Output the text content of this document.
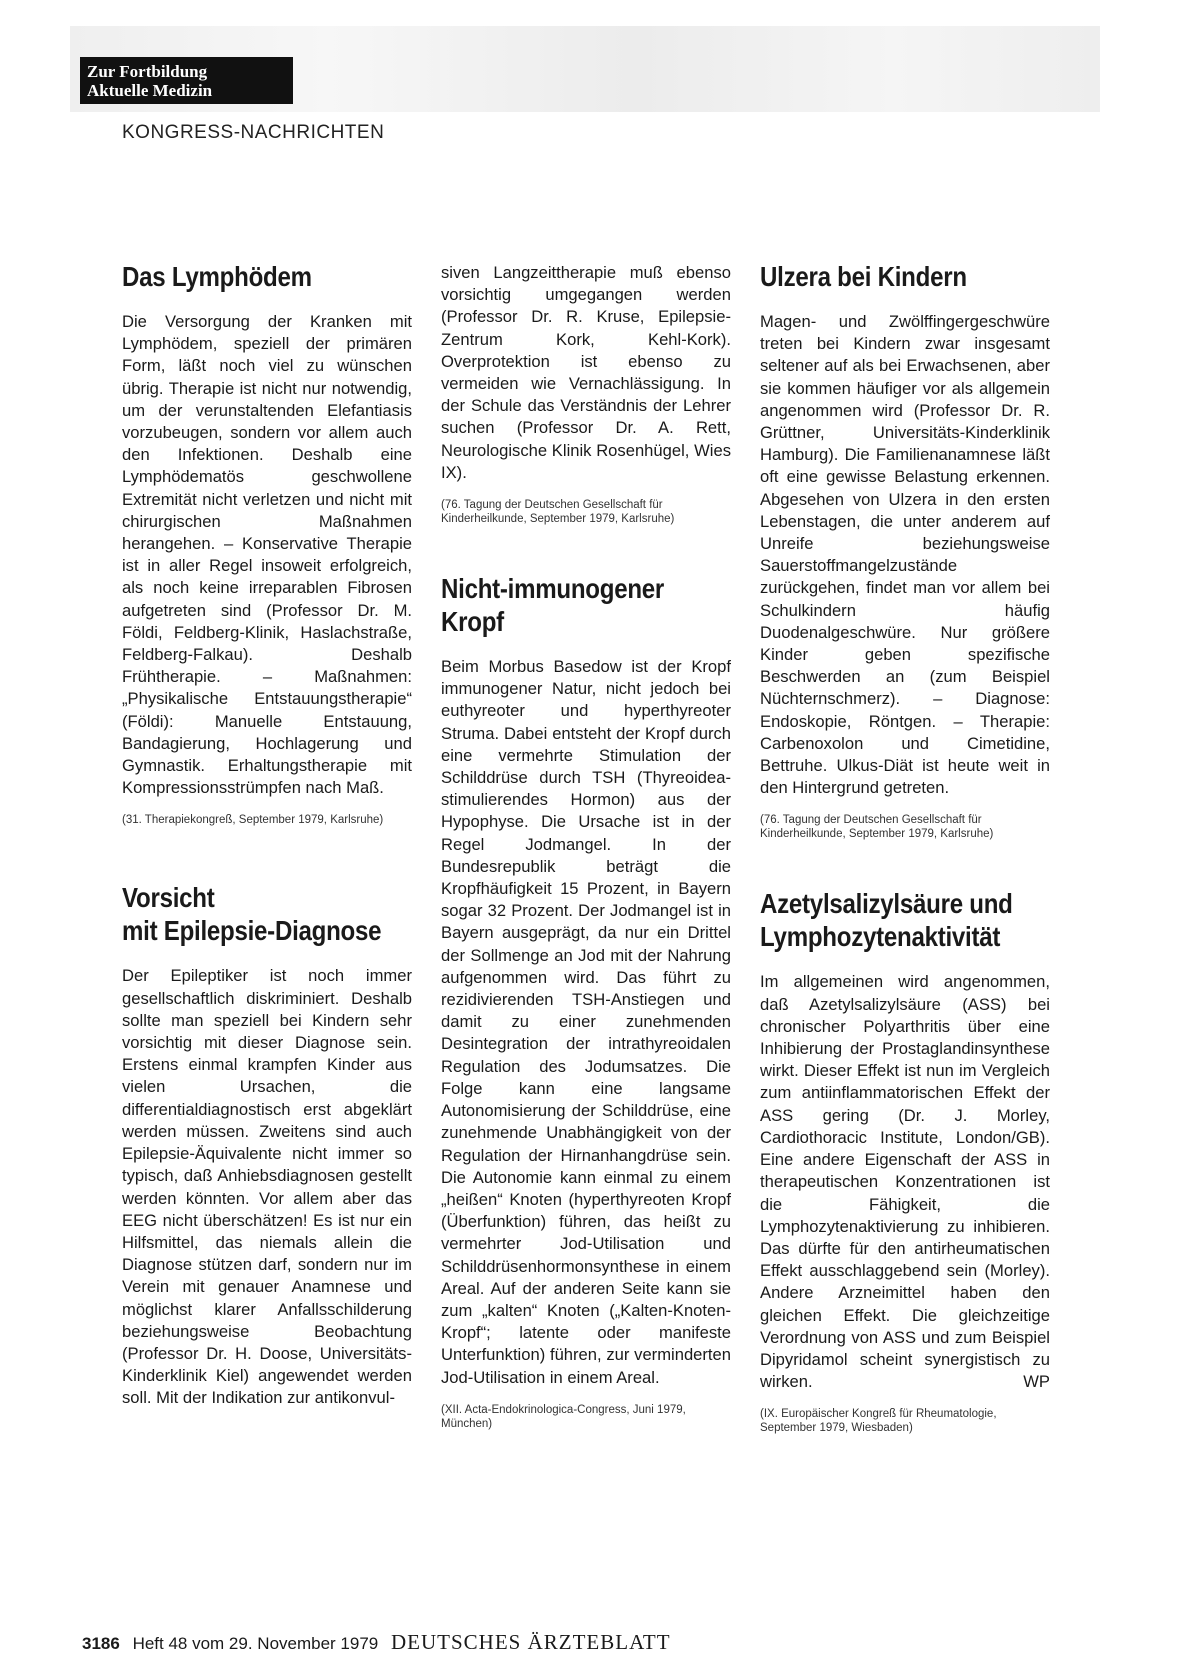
Zur Fortbildung
Aktuelle Medizin
KONGRESS-NACHRICHTEN
Das Lymphödem

Die Versorgung der Kranken mit Lymphödem, speziell der primären Form, läßt noch viel zu wünschen übrig. Therapie ist nicht nur notwendig, um der verunstaltenden Elefantiasis vorzubeugen, sondern vor allem auch den Infektionen. Deshalb eine Lymphödematös geschwollene Extremität nicht verletzen und nicht mit chirurgischen Maßnahmen herangehen. – Konservative Therapie ist in aller Regel insoweit erfolgreich, als noch keine irreparablen Fibrosen aufgetreten sind (Professor Dr. M. Földi, Feldberg-Klinik, Haslachstraße, Feldberg-Falkau). Deshalb Frühtherapie. – Maßnahmen: „Physikalische Entstauungstherapie“ (Földi): Manuelle Entstauung, Bandagierung, Hochlagerung und Gymnastik. Erhaltungstherapie mit Kompressionsstrümpfen nach Maß.

(31. Therapiekongreß, September 1979, Karlsruhe)
Vorsicht
mit Epilepsie-Diagnose

Der Epileptiker ist noch immer gesellschaftlich diskriminiert. Deshalb sollte man speziell bei Kindern sehr vorsichtig mit dieser Diagnose sein. Erstens einmal krampfen Kinder aus vielen Ursachen, die differentialdiagnostisch erst abgeklärt werden müssen. Zweitens sind auch Epilepsie-Äquivalente nicht immer so typisch, daß Anhiebsdiagnosen gestellt werden könnten. Vor allem aber das EEG nicht überschätzen! Es ist nur ein Hilfsmittel, das niemals allein die Diagnose stützen darf, sondern nur im Verein mit genauer Anamnese und möglichst klarer Anfallsschilderung beziehungsweise Beobachtung (Professor Dr. H. Doose, Universitäts-Kinderklinik Kiel) angewendet werden soll. Mit der Indikation zur antikonvul-

siven Langzeittherapie muß ebenso vorsichtig umgegangen werden (Professor Dr. R. Kruse, Epilepsie-Zentrum Kork, Kehl-Kork). Overprotektion ist ebenso zu vermeiden wie Vernachlässigung. In der Schule das Verständnis der Lehrer suchen (Professor Dr. A. Rett, Neurologische Klinik Rosenhügel, Wies IX).

(76. Tagung der Deutschen Gesellschaft für Kinderheilkunde, September 1979, Karlsruhe)
Nicht-immunogener
Kropf

Beim Morbus Basedow ist der Kropf immunogener Natur, nicht jedoch bei euthyreoter und hyperthyreoter Struma. Dabei entsteht der Kropf durch eine vermehrte Stimulation der Schilddrüse durch TSH (Thyreoidea-stimulierendes Hormon) aus der Hypophyse. Die Ursache ist in der Regel Jodmangel. In der Bundesrepublik beträgt die Kropfhäufigkeit 15 Prozent, in Bayern sogar 32 Prozent. Der Jodmangel ist in Bayern ausgeprägt, da nur ein Drittel der Sollmenge an Jod mit der Nahrung aufgenommen wird. Das führt zu rezidivierenden TSH-Anstiegen und damit zu einer zunehmenden Desintegration der intrathyreoidalen Regulation des Jodumsatzes. Die Folge kann eine langsame Autonomisierung der Schilddrüse, eine zunehmende Unabhängigkeit von der Regulation der Hirnanhangdrüse sein. Die Autonomie kann einmal zu einem „heißen“ Knoten (hyperthyreoten Kropf (Überfunktion) führen, das heißt zu vermehrter Jod-Utilisation und Schilddrüsenhormonsynthese in einem Areal. Auf der anderen Seite kann sie zum „kalten“ Knoten („Kalten-Knoten-Kropf“; latente oder manifeste Unterfunktion) führen, zur verminderten Jod-Utilisation in einem Areal.

(XII. Acta-Endokrinologica-Congress, Juni 1979, München)
Ulzera bei Kindern

Magen- und Zwölffingergeschwüre treten bei Kindern zwar insgesamt seltener auf als bei Erwachsenen, aber sie kommen häufiger vor als allgemein angenommen wird (Professor Dr. R. Grüttner, Universitäts-Kinderklinik Hamburg). Die Familienanamnese läßt oft eine gewisse Belastung erkennen. Abgesehen von Ulzera in den ersten Lebenstagen, die unter anderem auf Unreife beziehungsweise Sauerstoffmangelzustände zurückgehen, findet man vor allem bei Schulkindern häufig Duodenalgeschwüre. Nur größere Kinder geben spezifische Beschwerden an (zum Beispiel Nüchternschmerz). – Diagnose: Endoskopie, Röntgen. – Therapie: Carbenoxolon und Cimetidine, Bettruhe. Ulkus-Diät ist heute weit in den Hintergrund getreten.

(76. Tagung der Deutschen Gesellschaft für Kinderheilkunde, September 1979, Karlsruhe)
Azetylsalizylsäure und
Lymphozytenaktivität

Im allgemeinen wird angenommen, daß Azetylsalizylsäure (ASS) bei chronischer Polyarthritis über eine Inhibierung der Prostaglandinsynthese wirkt. Dieser Effekt ist nun im Vergleich zum antiinflammatorischen Effekt der ASS gering (Dr. J. Morley, Cardiothoracic Institute, London/GB). Eine andere Eigenschaft der ASS in therapeutischen Konzentrationen ist die Fähigkeit, die Lymphozytenaktivierung zu inhibieren. Das dürfte für den antirheumatischen Effekt ausschlaggebend sein (Morley). Andere Arzneimittel haben den gleichen Effekt. Die gleichzeitige Verordnung von ASS und zum Beispiel Dipyridamol scheint synergistisch zu wirken.	WP

(IX. Europäischer Kongreß für Rheumatologie, September 1979, Wiesbaden)
3186 Heft 48 vom 29. November 1979 DEUTSCHES ÄRZTEBLATT
